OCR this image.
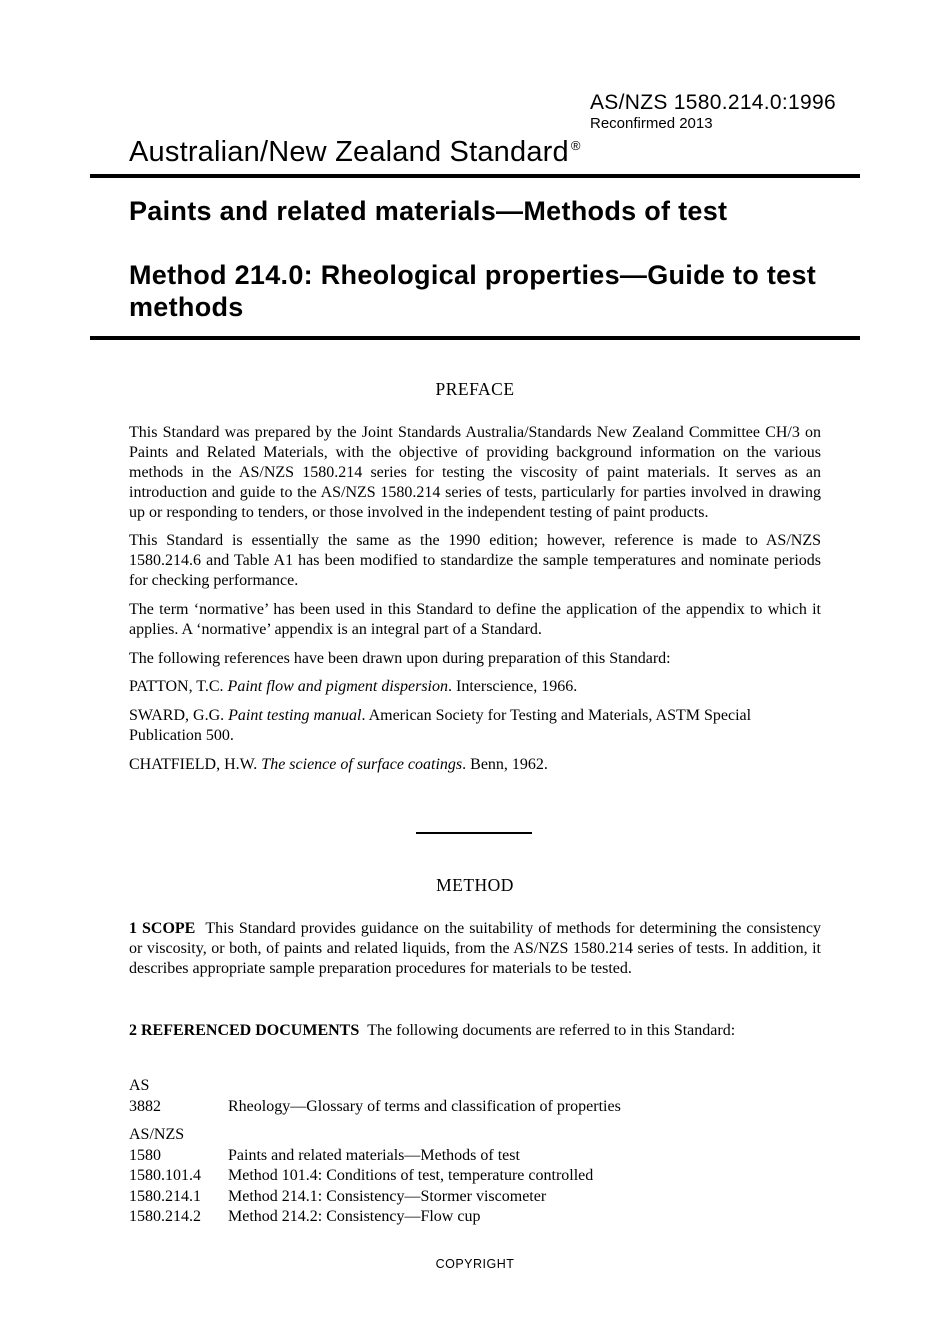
AS/NZS 1580.214.0:1996
Reconfirmed 2013
Australian/New Zealand Standard ®
Paints and related materials—Methods of test
Method 214.0: Rheological properties—Guide to test methods
PREFACE

This Standard was prepared by the Joint Standards Australia/Standards New Zealand Committee CH/3 on Paints and Related Materials, with the objective of providing background information on the various methods in the AS/NZS 1580.214 series for testing the viscosity of paint materials. It serves as an introduction and guide to the AS/NZS 1580.214 series of tests, particularly for parties involved in drawing up or responding to tenders, or those involved in the independent testing of paint products.

This Standard is essentially the same as the 1990 edition; however, reference is made to AS/NZS 1580.214.6 and Table A1 has been modified to standardize the sample temperatures and nominate periods for checking performance.

The term ‘normative’ has been used in this Standard to define the application of the appendix to which it applies. A ‘normative’ appendix is an integral part of a Standard.

The following references have been drawn upon during preparation of this Standard:

PATTON, T.C. Paint flow and pigment dispersion. Interscience, 1966.

SWARD, G.G. Paint testing manual. American Society for Testing and Materials, ASTM Special Publication 500.

CHATFIELD, H.W. The science of surface coatings. Benn, 1962.

METHOD

1 SCOPE This Standard provides guidance on the suitability of methods for determining the consistency or viscosity, or both, of paints and related liquids, from the AS/NZS 1580.214 series of tests. In addition, it describes appropriate sample preparation procedures for materials to be tested.

2 REFERENCED DOCUMENTS The following documents are referred to in this Standard:

AS
3882	Rheology—Glossary of terms and classification of properties
AS/NZS
1580	Paints and related materials—Methods of test
1580.101.4	Method 101.4: Conditions of test, temperature controlled
1580.214.1	Method 214.1: Consistency—Stormer viscometer
1580.214.2	Method 214.2: Consistency—Flow cup
COPYRIGHT
